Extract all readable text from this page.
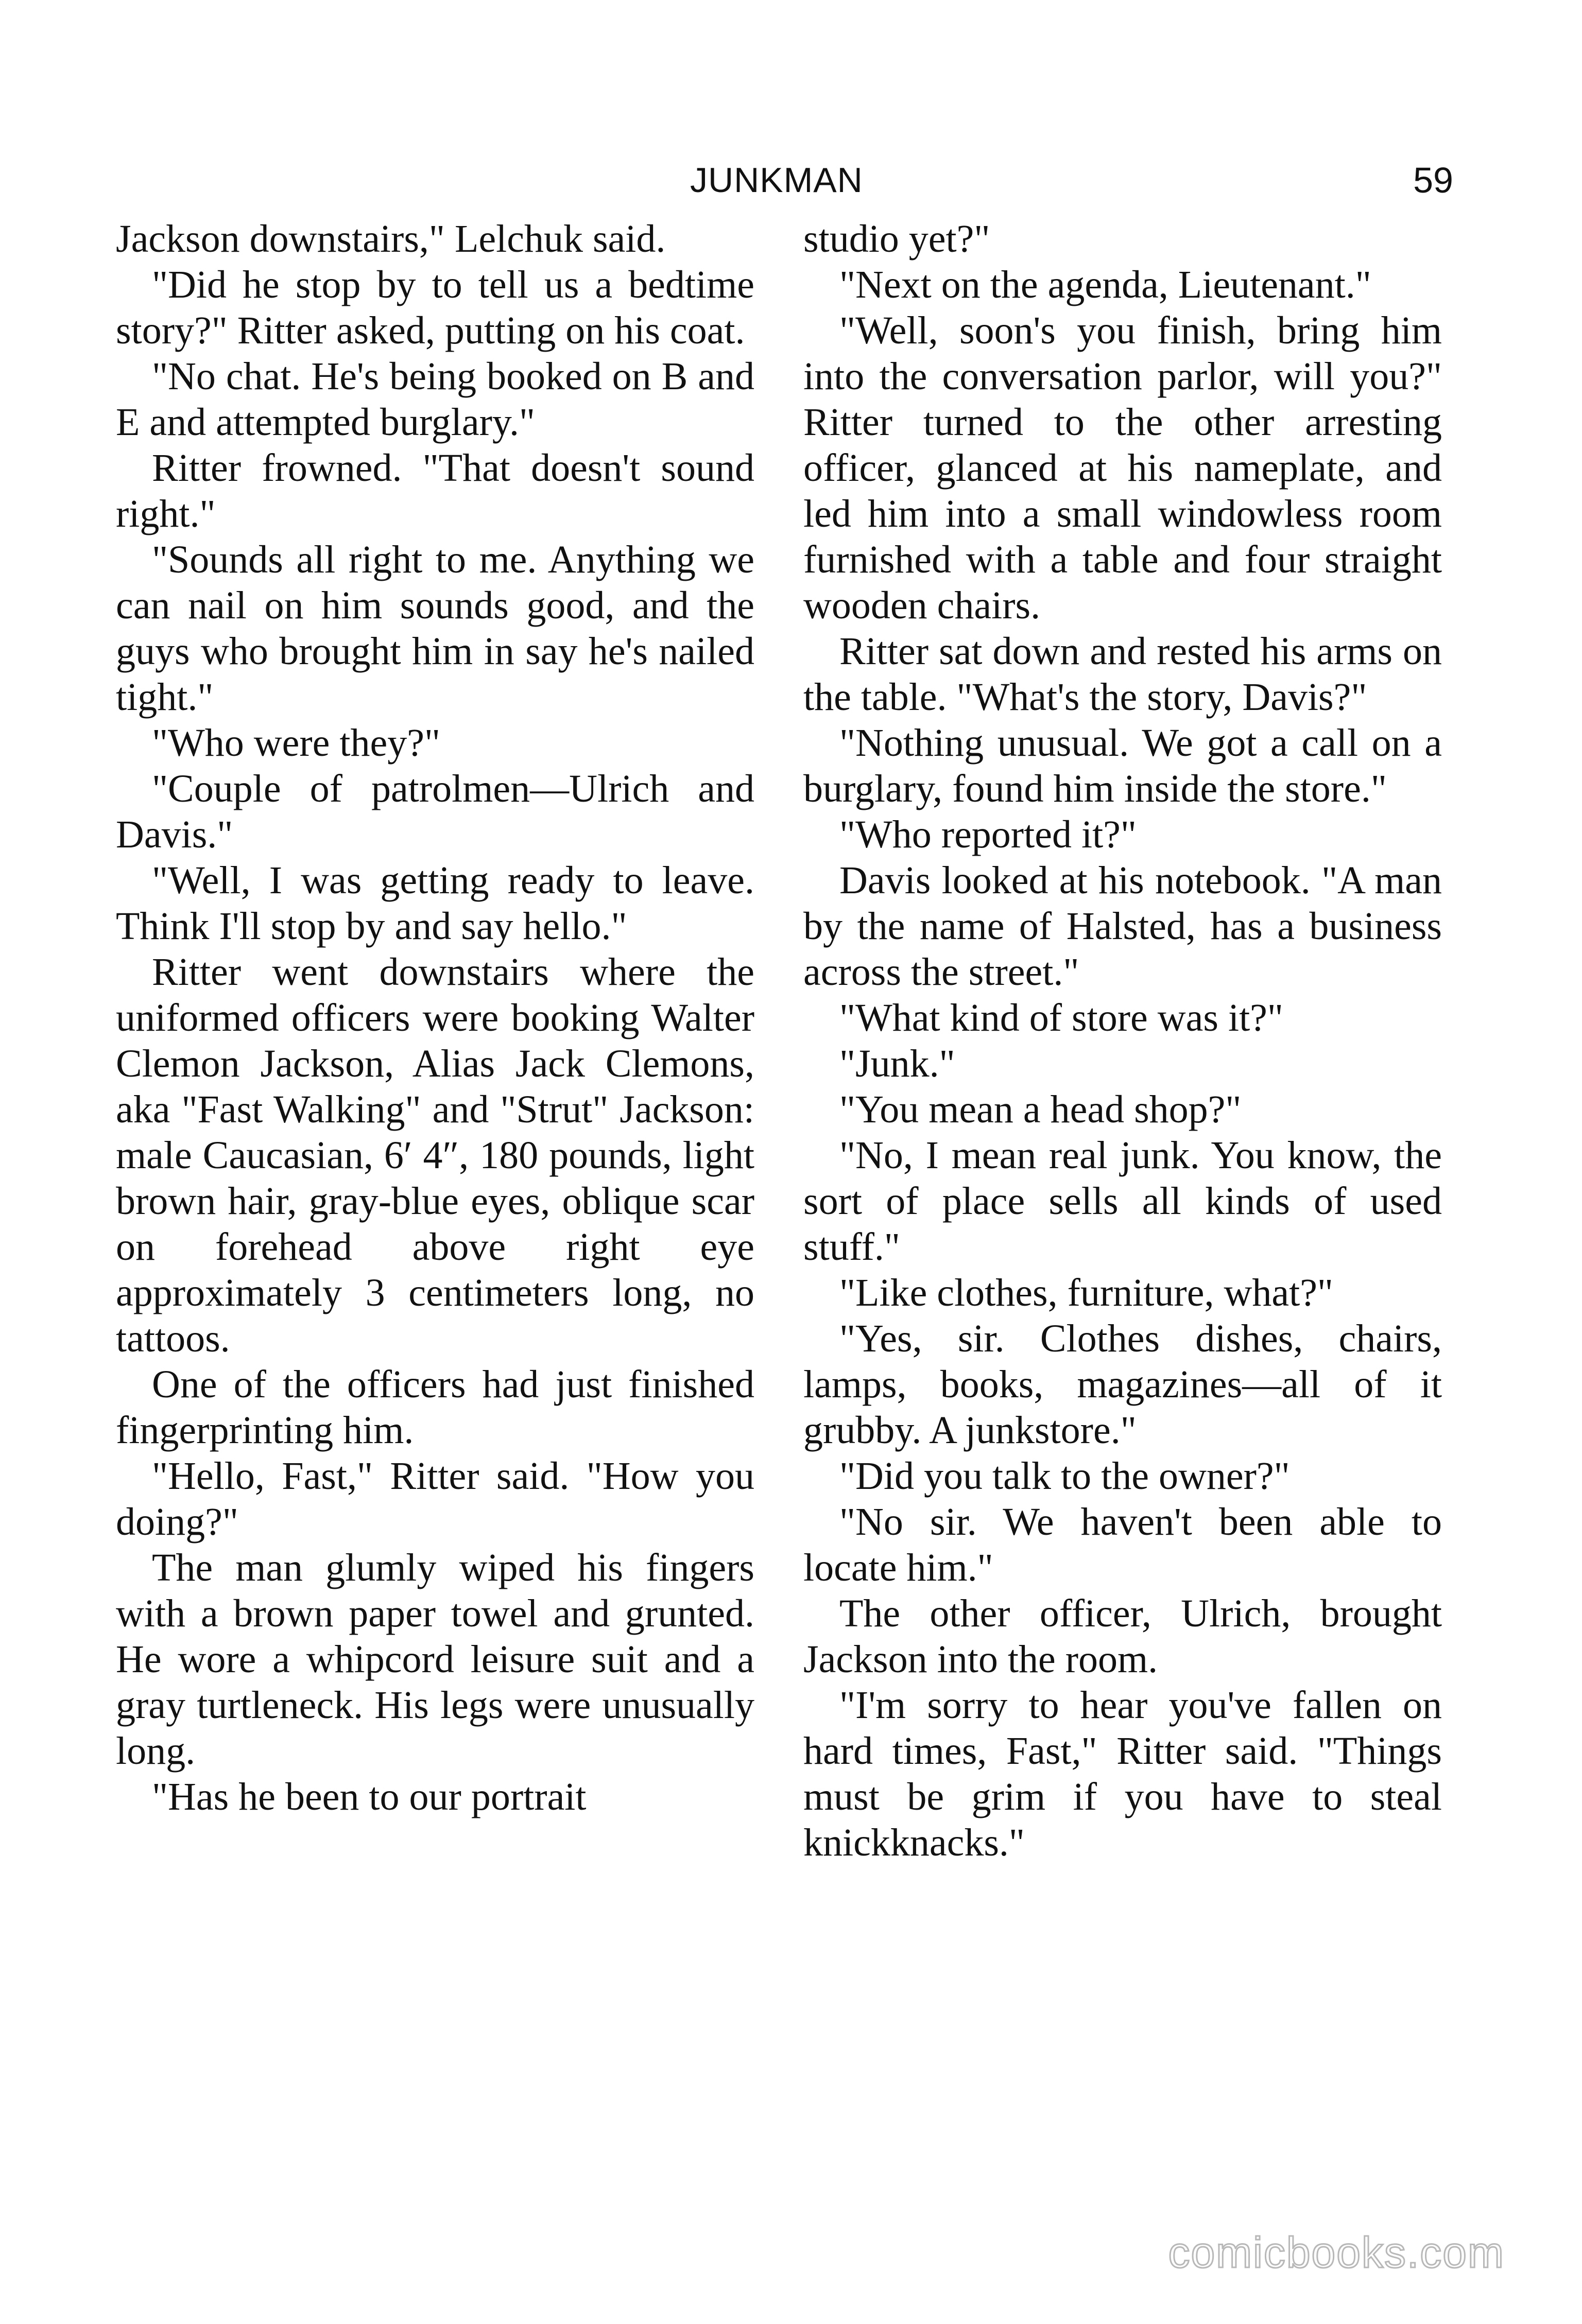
JUNKMAN	59

Jackson downstairs," Lelchuk said.

"Did he stop by to tell us a bedtime story?" Ritter asked, putting on his coat.

"No chat. He's being booked on B and E and attempted burglary."

Ritter frowned. "That doesn't sound right."

"Sounds all right to me. Anything we can nail on him sounds good, and the guys who brought him in say he's nailed tight."

"Who were they?"

"Couple of patrolmen—Ulrich and Davis."

"Well, I was getting ready to leave. Think I'll stop by and say hello."

Ritter went downstairs where the uniformed officers were booking Walter Clemon Jackson, Alias Jack Clemons, aka "Fast Walking" and "Strut" Jackson: male Caucasian, 6′ 4″, 180 pounds, light brown hair, gray-blue eyes, oblique scar on forehead above right eye approximately 3 centimeters long, no tattoos.

One of the officers had just finished fingerprinting him.

"Hello, Fast," Ritter said. "How you doing?"

The man glumly wiped his fingers with a brown paper towel and grunted. He wore a whipcord leisure suit and a gray turtleneck. His legs were unusually long.

"Has he been to our portrait

studio yet?"

"Next on the agenda, Lieutenant."

"Well, soon's you finish, bring him into the conversation parlor, will you?" Ritter turned to the other arresting officer, glanced at his nameplate, and led him into a small windowless room furnished with a table and four straight wooden chairs.

Ritter sat down and rested his arms on the table. "What's the story, Davis?"

"Nothing unusual. We got a call on a burglary, found him inside the store."

"Who reported it?"

Davis looked at his notebook. "A man by the name of Halsted, has a business across the street."

"What kind of store was it?"

"Junk."

"You mean a head shop?"

"No, I mean real junk. You know, the sort of place sells all kinds of used stuff."

"Like clothes, furniture, what?"

"Yes, sir. Clothes dishes, chairs, lamps, books, magazines—all of it grubby. A junkstore."

"Did you talk to the owner?"

"No sir. We haven't been able to locate him."

The other officer, Ulrich, brought Jackson into the room.

"I'm sorry to hear you've fallen on hard times, Fast," Ritter said. "Things must be grim if you have to steal knickknacks."

comicbooks.com
